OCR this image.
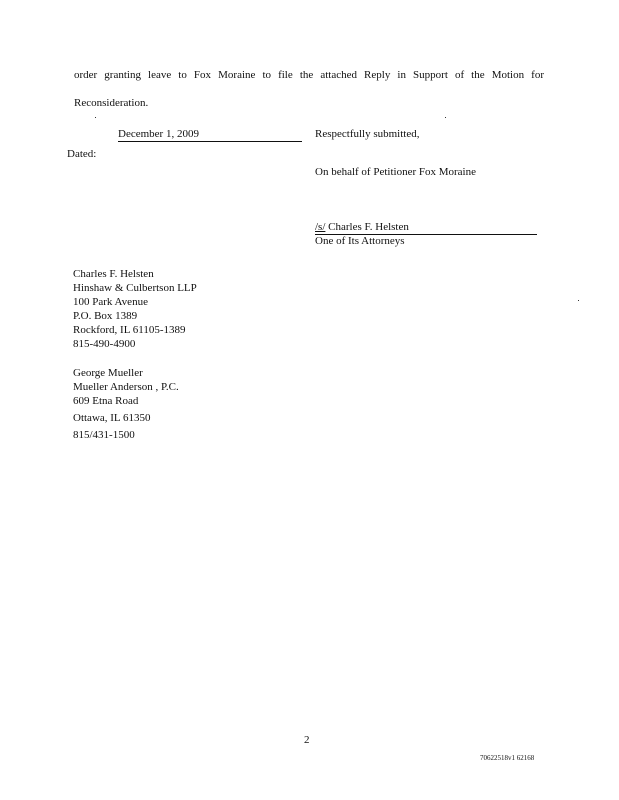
order granting leave to Fox Moraine to file the attached Reply in Support of the Motion for
Reconsideration.
December 1, 2009
Dated:
Respectfully submitted,
On behalf of Petitioner Fox Moraine
/s/ Charles F. Helsten
One of Its Attorneys
Charles F. Helsten
Hinshaw & Culbertson LLP
100 Park Avenue
P.O. Box 1389
Rockford, IL 61105-1389
815-490-4900
George Mueller
Mueller Anderson , P.C.
609 Etna Road
Ottawa, IL 61350
815/431-1500
2
70622518v1 62168
